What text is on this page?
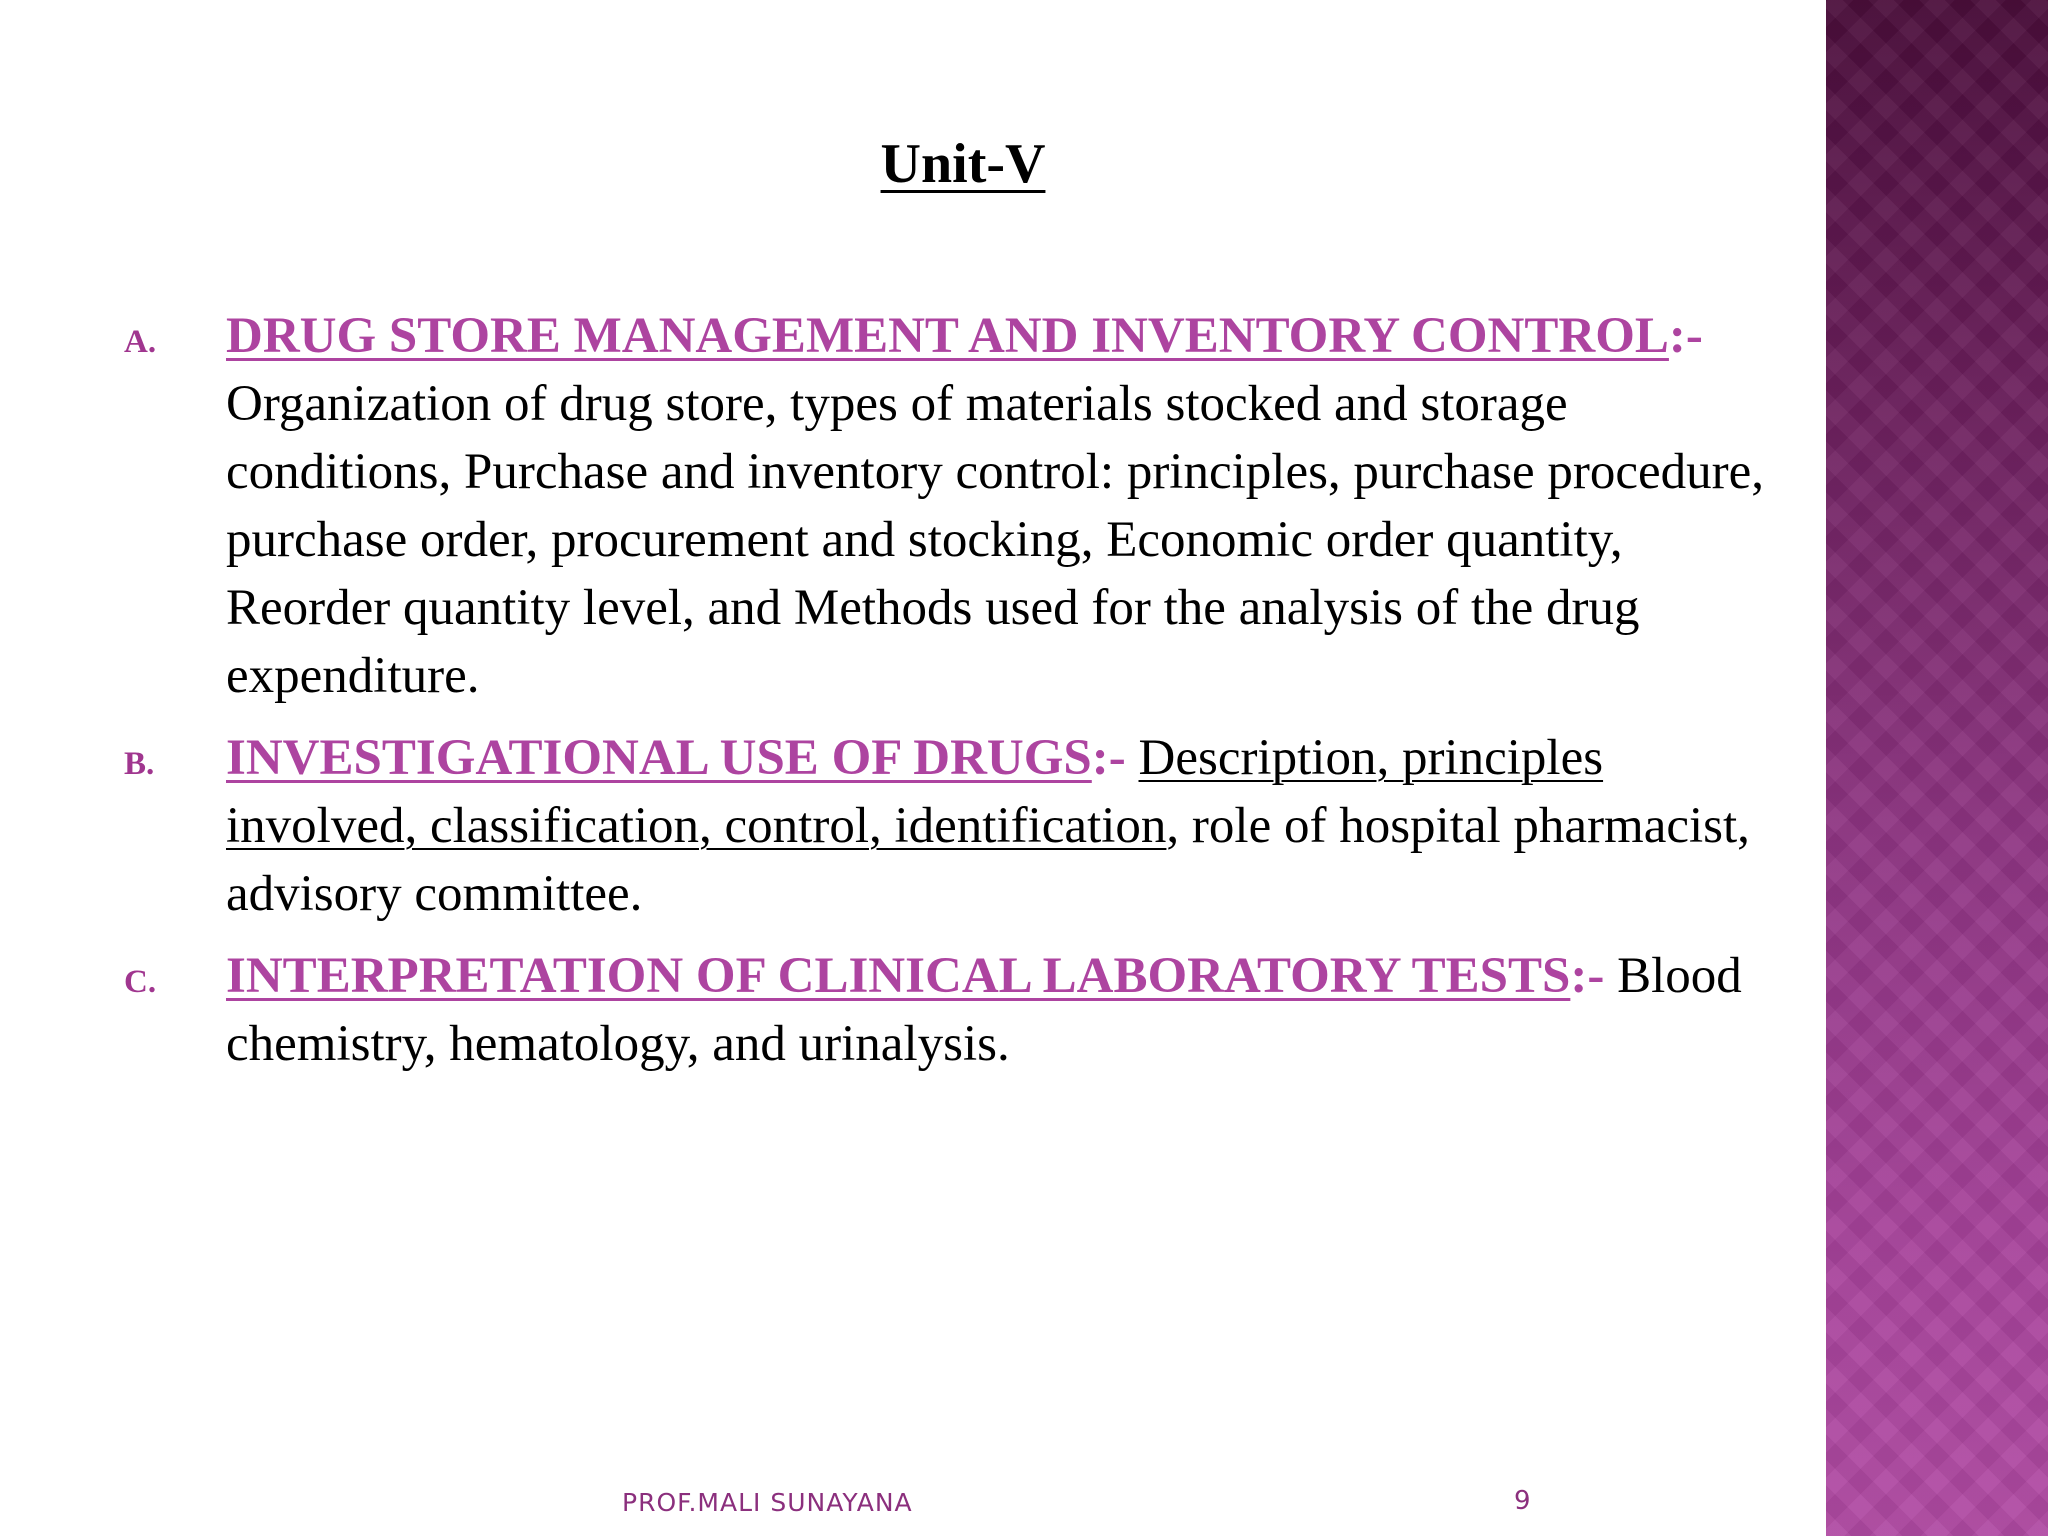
Unit-V
A. DRUG STORE MANAGEMENT AND INVENTORY CONTROL:- Organization of drug store, types of materials stocked and storage conditions, Purchase and inventory control: principles, purchase procedure, purchase order, procurement and stocking, Economic order quantity, Reorder quantity level, and Methods used for the analysis of the drug expenditure.
B. INVESTIGATIONAL USE OF DRUGS:- Description, principles involved, classification, control, identification, role of hospital pharmacist, advisory committee.
C. INTERPRETATION OF CLINICAL LABORATORY TESTS:- Blood chemistry, hematology, and urinalysis.
PROF.MALI SUNAYANA	9
